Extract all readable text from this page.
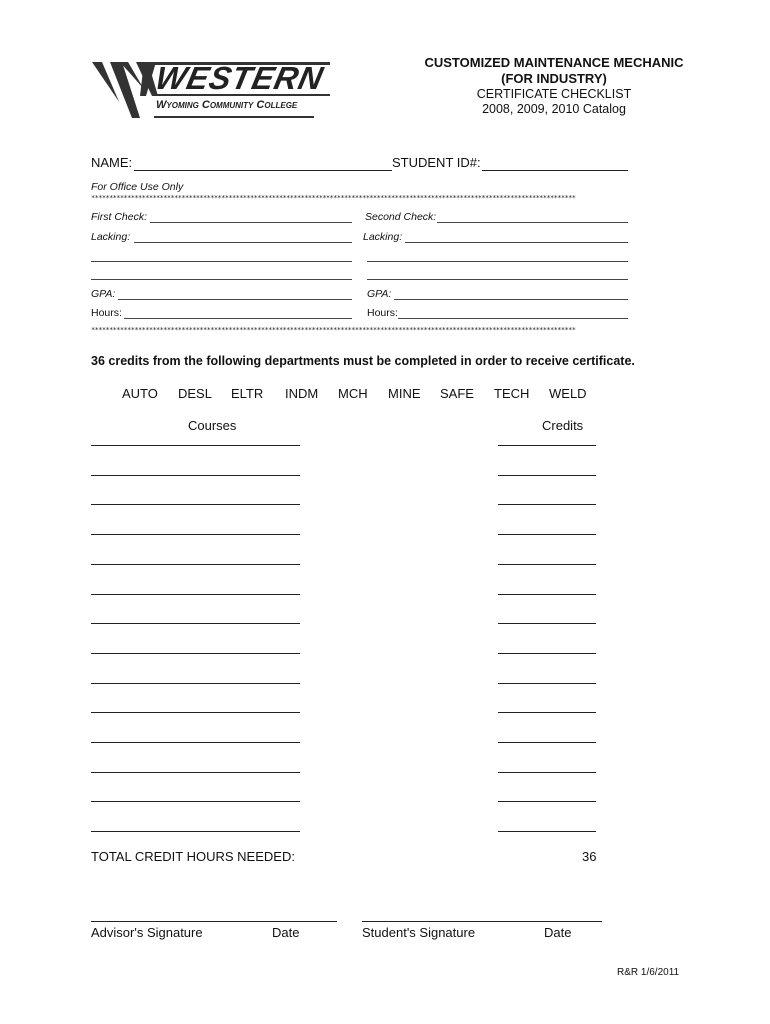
WESTERN
Wyoming Community College
CUSTOMIZED MAINTENANCE MECHANIC
(FOR INDUSTRY)
CERTIFICATE CHECKLIST
2008, 2009, 2010 Catalog
NAME:	STUDENT ID#:
For Office Use Only
**************************************************************************************************************************************
First Check:	Second Check:
Lacking:	Lacking:
GPA:	GPA:
Hours:	Hours:
**************************************************************************************************************************************
36 credits from the following departments must be completed in order to receive certificate.
AUTO DESL ELTR INDM MCH MINE SAFE TECH WELD
Courses	Credits
TOTAL CREDIT HOURS NEEDED:	36
Advisor's Signature	Date	Student's Signature	Date
R&R 1/6/2011
